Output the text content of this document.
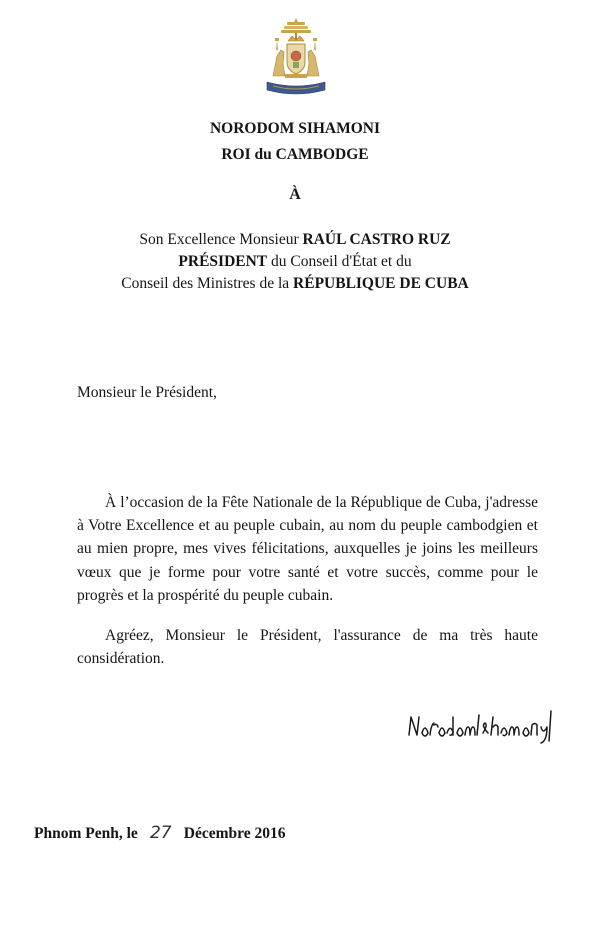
NORODOM SIHAMONI
ROI du CAMBODGE
À
Son Excellence Monsieur RAÚL CASTRO RUZ
PRÉSIDENT du Conseil d'État et du
Conseil des Ministres de la RÉPUBLIQUE DE CUBA
Monsieur le Président,
À l’occasion de la Fête Nationale de la République de Cuba, j'adresse à Votre Excellence et au peuple cubain, au nom du peuple cambodgien et au mien propre, mes vives félicitations, auxquelles je joins les meilleurs vœux que je forme pour votre santé et votre succès, comme pour le progrès et la prospérité du peuple cubain.
Agréez, Monsieur le Président, l'assurance de ma très haute considération.
Phnom Penh, le 27 Décembre 2016
